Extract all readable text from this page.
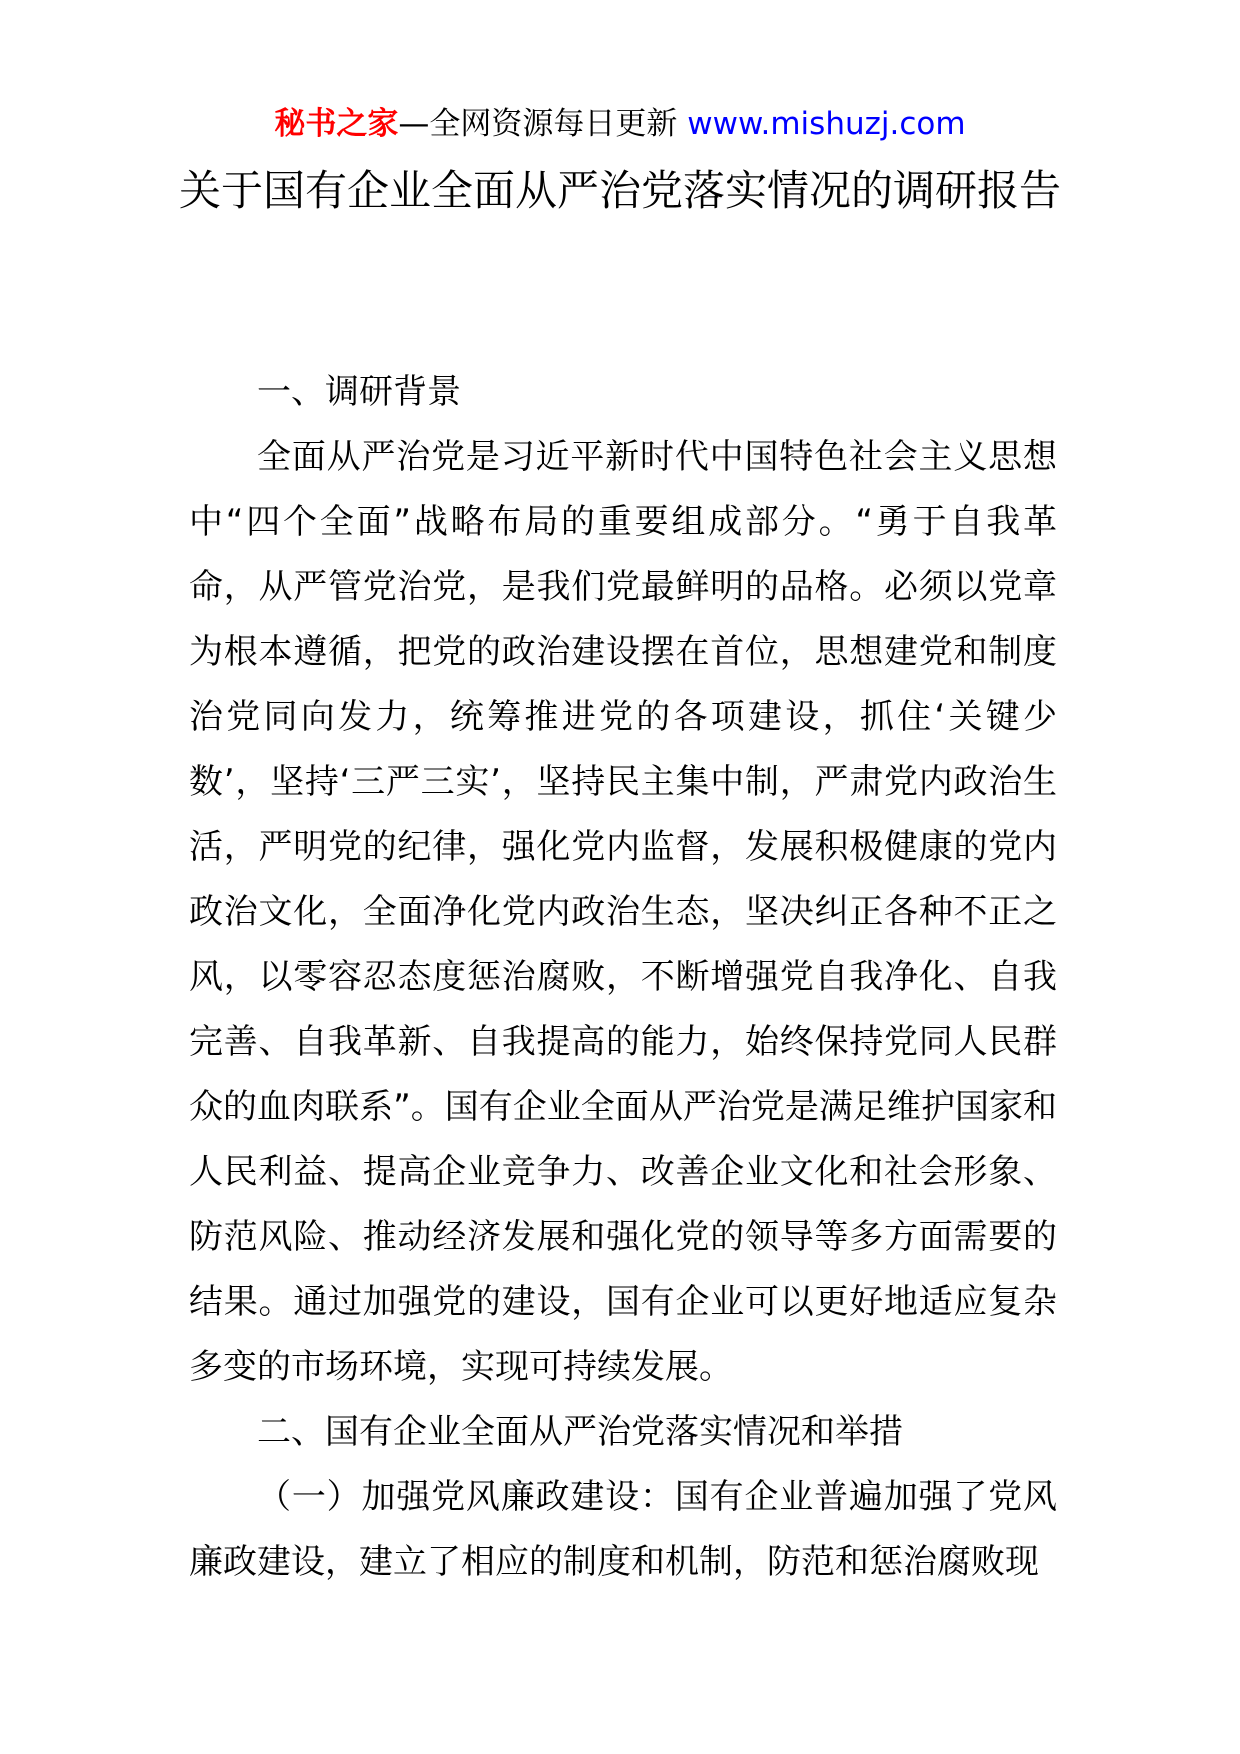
秘书之家—全网资源每日更新 www.mishuzj.com
关于国有企业全面从严治党落实情况的调研报告

一、调研背景

全面从严治党是习近平新时代中国特色社会主义思想中“四个全面”战略布局的重要组成部分。“勇于自我革命，从严管党治党，是我们党最鲜明的品格。必须以党章为根本遵循，把党的政治建设摆在首位，思想建党和制度治党同向发力，统筹推进党的各项建设，抓住‘关键少数’，坚持‘三严三实’，坚持民主集中制，严肃党内政治生活，严明党的纪律，强化党内监督，发展积极健康的党内政治文化，全面净化党内政治生态，坚决纠正各种不正之风，以零容忍态度惩治腐败，不断增强党自我净化、自我完善、自我革新、自我提高的能力，始终保持党同人民群众的血肉联系”。国有企业全面从严治党是满足维护国家和人民利益、提高企业竞争力、改善企业文化和社会形象、防范风险、推动经济发展和强化党的领导等多方面需要的结果。通过加强党的建设，国有企业可以更好地适应复杂多变的市场环境，实现可持续发展。

二、国有企业全面从严治党落实情况和举措

（一）加强党风廉政建设：国有企业普遍加强了党风廉政建设，建立了相应的制度和机制，防范和惩治腐败现
